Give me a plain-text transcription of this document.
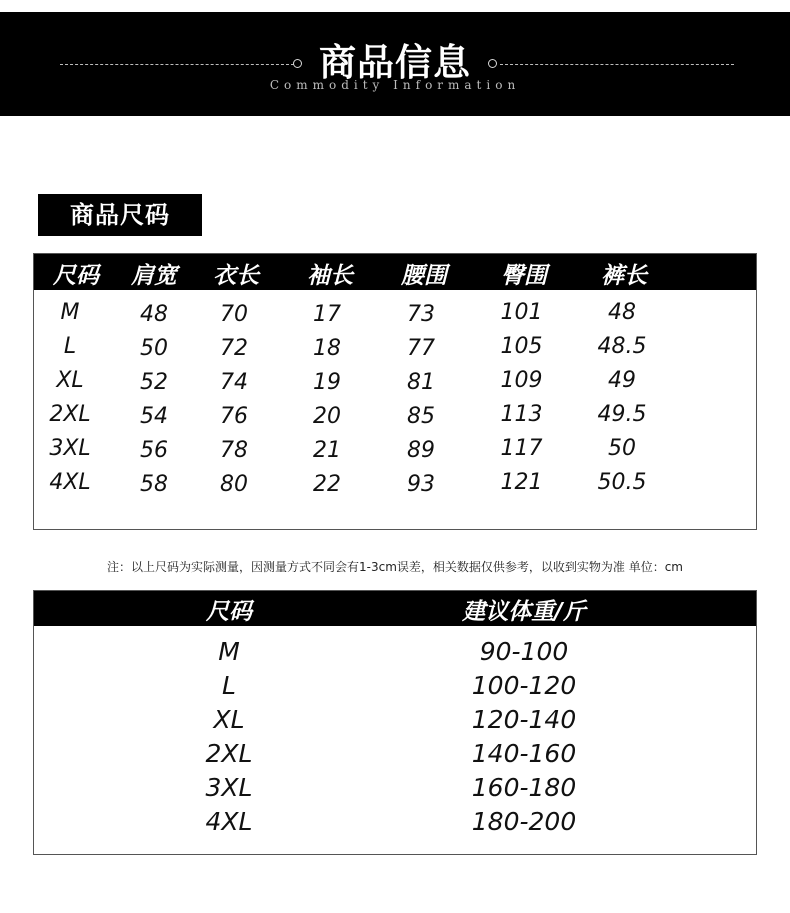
商品信息
Commodity Information
商品尺码
尺码	肩宽	衣长	袖长	腰围	臀围	裤长
M	48	70	17	73	101	48
L	50	72	18	77	105	48.5
XL	52	74	19	81	109	49
2XL	54	76	20	85	113	49.5
3XL	56	78	21	89	117	50
4XL	58	80	22	93	121	50.5
注：以上尺码为实际测量，因测量方式不同会有1-3cm误差，相关数据仅供参考，以收到实物为准 单位：cm
尺码	建议体重/斤
M	90-100
L	100-120
XL	120-140
2XL	140-160
3XL	160-180
4XL	180-200
